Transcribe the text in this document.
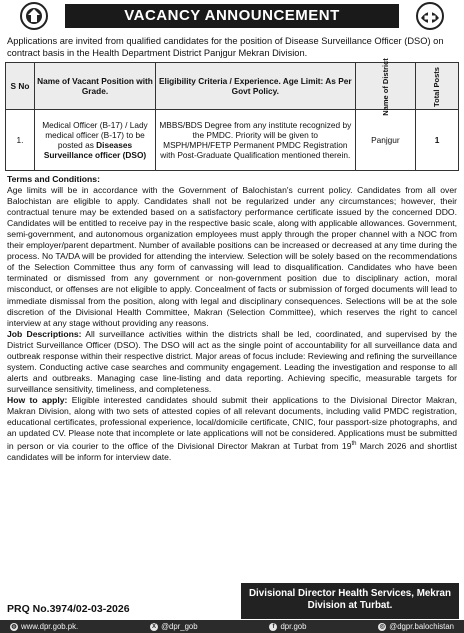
VACANCY ANNOUNCEMENT
Applications are invited from qualified candidates for the position of Disease Surveillance Officer (DSO) on contract basis in the Health Department District Panjgur Mekran Division.
S No	Name of Vacant Position with Grade.	Eligibility Criteria / Experience. Age Limit: As Per Govt Policy.	Name of District	Total Posts
1.	Medical Officer (B-17) / Lady medical officer (B-17) to be posted as Diseases Surveillance officer (DSO)	MBBS/BDS Degree from any institute recognized by the PMDC. Priority will be given to MSPH/MPH/FETP Permanent PMDC Registration with Post-Graduate Qualification mentioned therein.	Panjgur	1
Terms and Conditions:

Age limits will be in accordance with the Government of Balochistan's current policy. Candidates from all over Balochistan are eligible to apply. Candidates shall not be regularized under any circumstances; however, their contractual tenure may be extended based on a satisfactory performance certificate issued by the concerned DDO. Candidates will be entitled to receive pay in the respective basic scale, along with applicable allowances. Government, semi-government, and autonomous organization employees must apply through the proper channel with a NOC from their employer/parent department. Number of available positions can be increased or decreased at any time during the process. No TA/DA will be provided for attending the interview. Selection will be solely based on the recommendations of the Selection Committee thus any form of canvassing will lead to disqualification. Candidates who have been terminated or dismissed from any government or non-government position due to disciplinary action, moral misconduct, or offenses are not eligible to apply. Concealment of facts or submission of forged documents will lead to immediate dismissal from the position, along with legal and disciplinary consequences. Selections will be at the sole discretion of the Divisional Health Committee, Makran (Selection Committee), which reserves the right to cancel interview at any stage without providing any reasons.

Job Descriptions: All surveillance activities within the districts shall be led, coordinated, and supervised by the District Surveillance Officer (DSO). The DSO will act as the single point of accountability for all surveillance data and outbreak response within their respective district. Major areas of focus include: Reviewing and refining the surveillance system. Conducting active case searches and community engagement. Leading the investigation and response to all alerts and outbreaks. Managing case line-listing and data reporting. Achieving specific, measurable targets for surveillance sensitivity, timeliness, and completeness.

How to apply: Eligible interested candidates should submit their applications to the Divisional Director Makran, Makran Division, along with two sets of attested copies of all relevant documents, including valid PMDC registration, educational certificates, professional experience, local/domicile certificate, CNIC, four passport-size photographs, and an updated CV. Please note that incomplete or late applications will not be considered. Applications must be submitted in person or via courier to the office of the Divisional Director Makran at Turbat from 19th March 2026 and shortlist candidates will be inform for interview date.

PRQ No.3974/02-03-2026
Divisional Director Health Services, Mekran
Division at Turbat.
◍ www.dpr.gob.pk.	X @dpr_gob	f dpr.gob	◎ @dgpr.balochistan
